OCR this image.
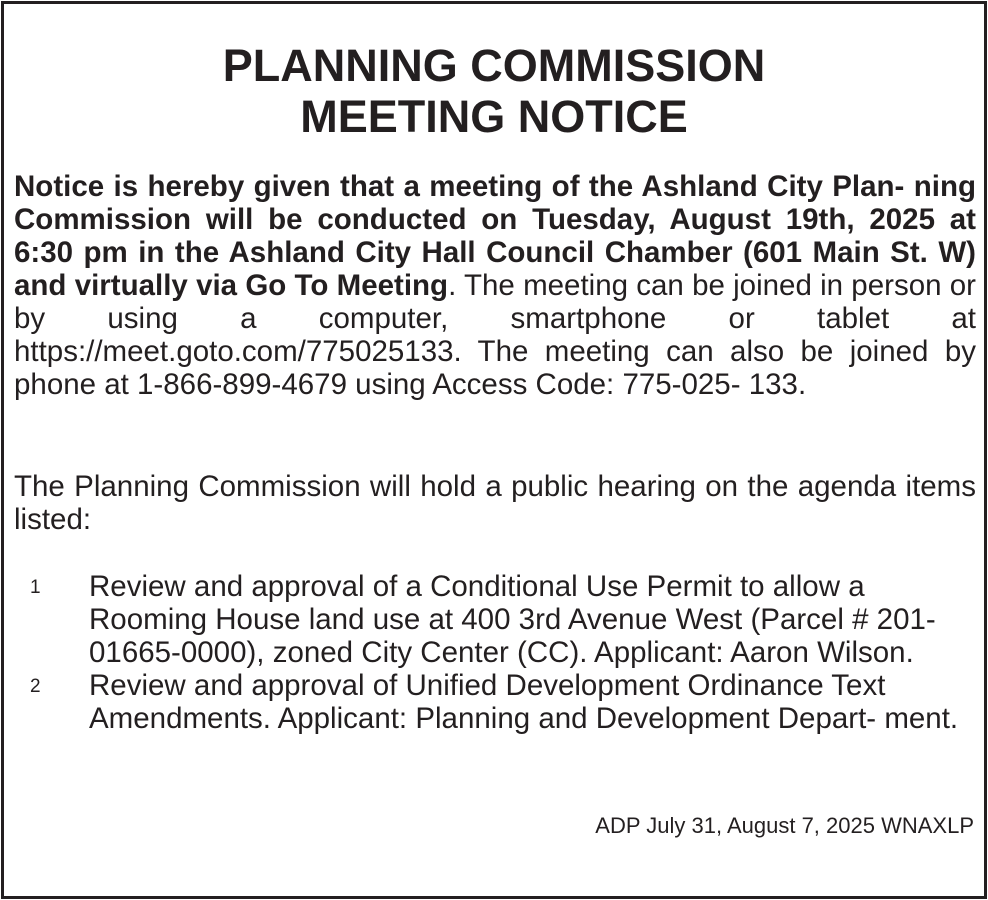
PLANNING COMMISSION
MEETING NOTICE

Notice is hereby given that a meeting of the Ashland City Plan- ning Commission will be conducted on Tuesday, August 19th, 2025 at 6:30 pm in the Ashland City Hall Council Chamber (601 Main St. W) and virtually via Go To Meeting. The meeting can be joined in person or by using a computer, smartphone or tablet at https://meet.goto.com/775025133. The meeting can also be joined by phone at 1-866-899-4679 using Access Code: 775-025- 133.

The Planning Commission will hold a public hearing on the agenda items listed:

1 Review and approval of a Conditional Use Permit to allow a Rooming House land use at 400 3rd Avenue West (Parcel # 201-01665-0000), zoned City Center (CC). Applicant: Aaron Wilson.
2 Review and approval of Unified Development Ordinance Text Amendments. Applicant: Planning and Development Depart- ment.

ADP July 31, August 7, 2025 WNAXLP
